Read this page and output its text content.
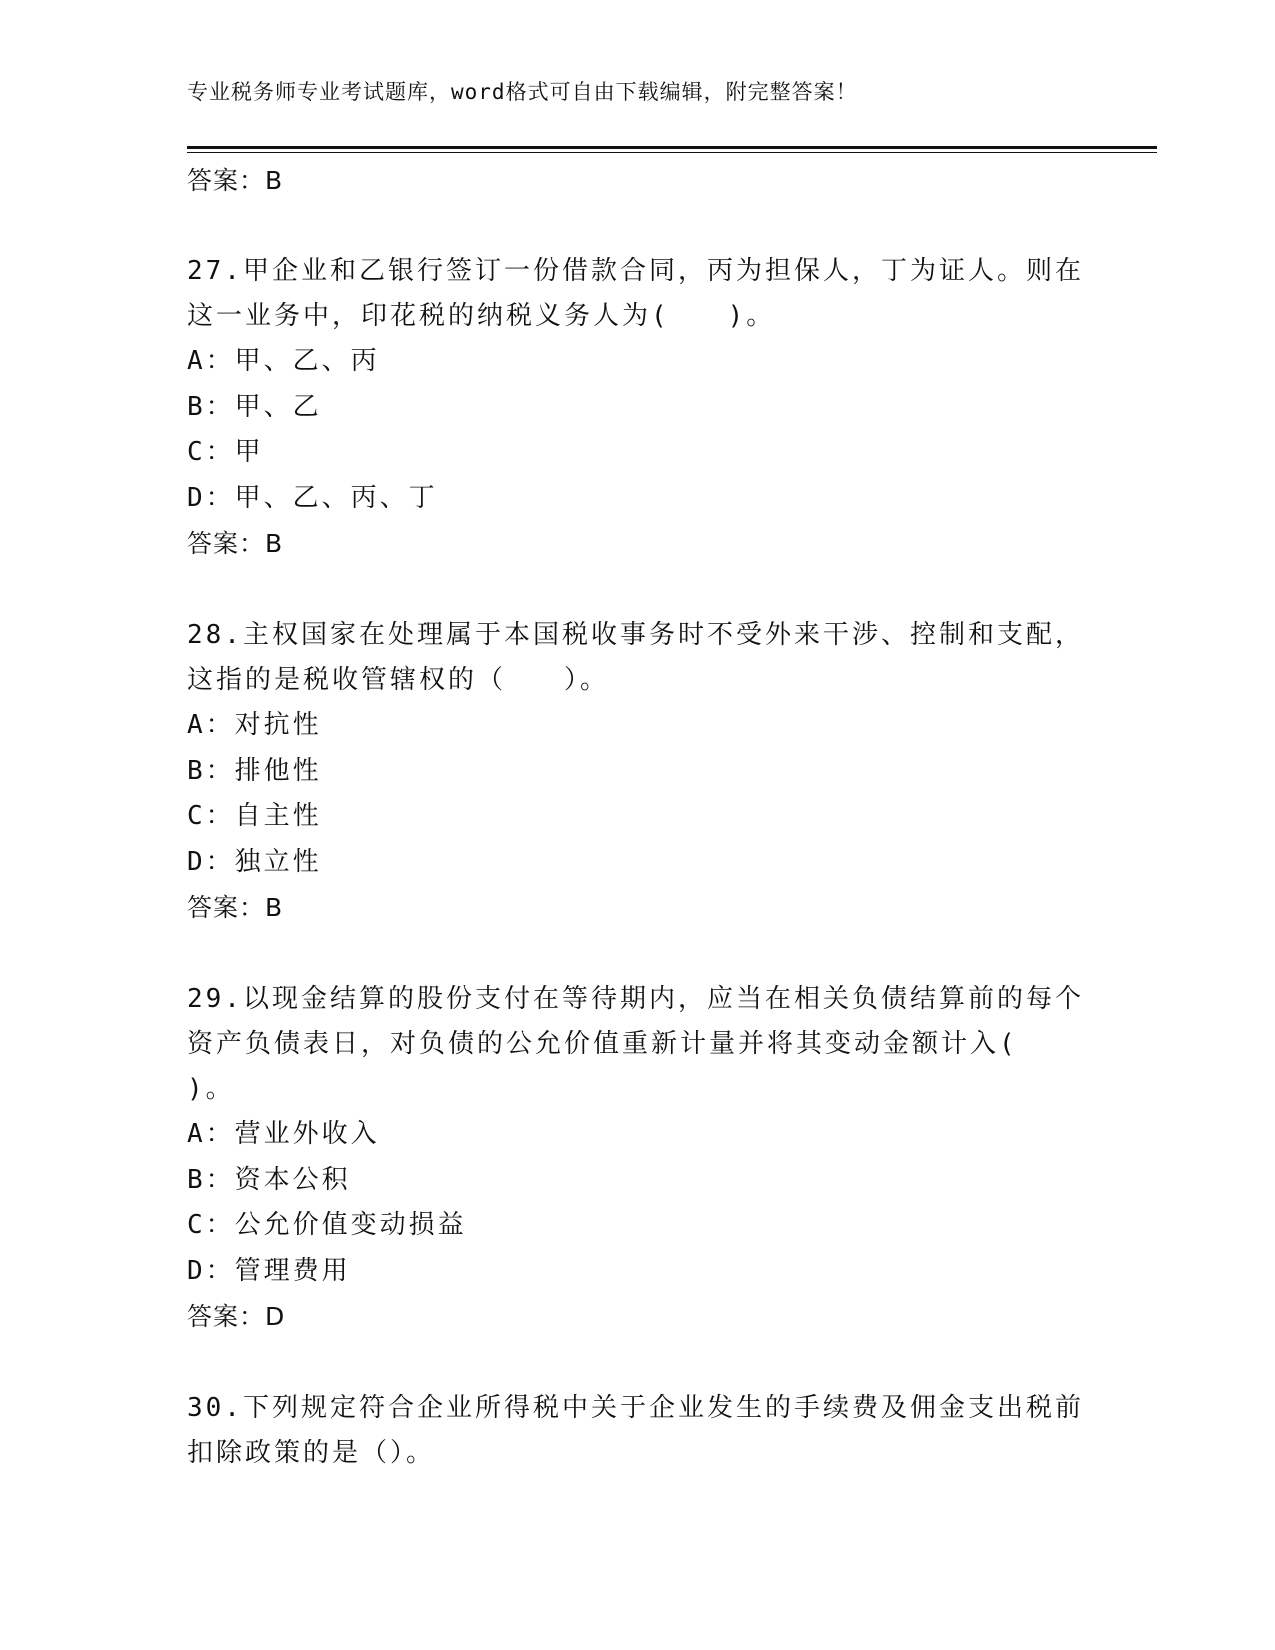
专业税务师专业考试题库，word格式可自由下载编辑，附完整答案！
答案：B
27.甲企业和乙银行签订一份借款合同，丙为担保人，丁为证人。则在
这一业务中，印花税的纳税义务人为(　　)。
A：甲、乙、丙
B：甲、乙
C：甲
D：甲、乙、丙、丁
答案：B
28.主权国家在处理属于本国税收事务时不受外来干涉、控制和支配，
这指的是税收管辖权的（　　）。
A：对抗性
B：排他性
C：自主性
D：独立性
答案：B
29.以现金结算的股份支付在等待期内，应当在相关负债结算前的每个
资产负债表日，对负债的公允价值重新计量并将其变动金额计入(
)。
A：营业外收入
B：资本公积
C：公允价值变动损益
D：管理费用
答案：D
30.下列规定符合企业所得税中关于企业发生的手续费及佣金支出税前
扣除政策的是（）。
